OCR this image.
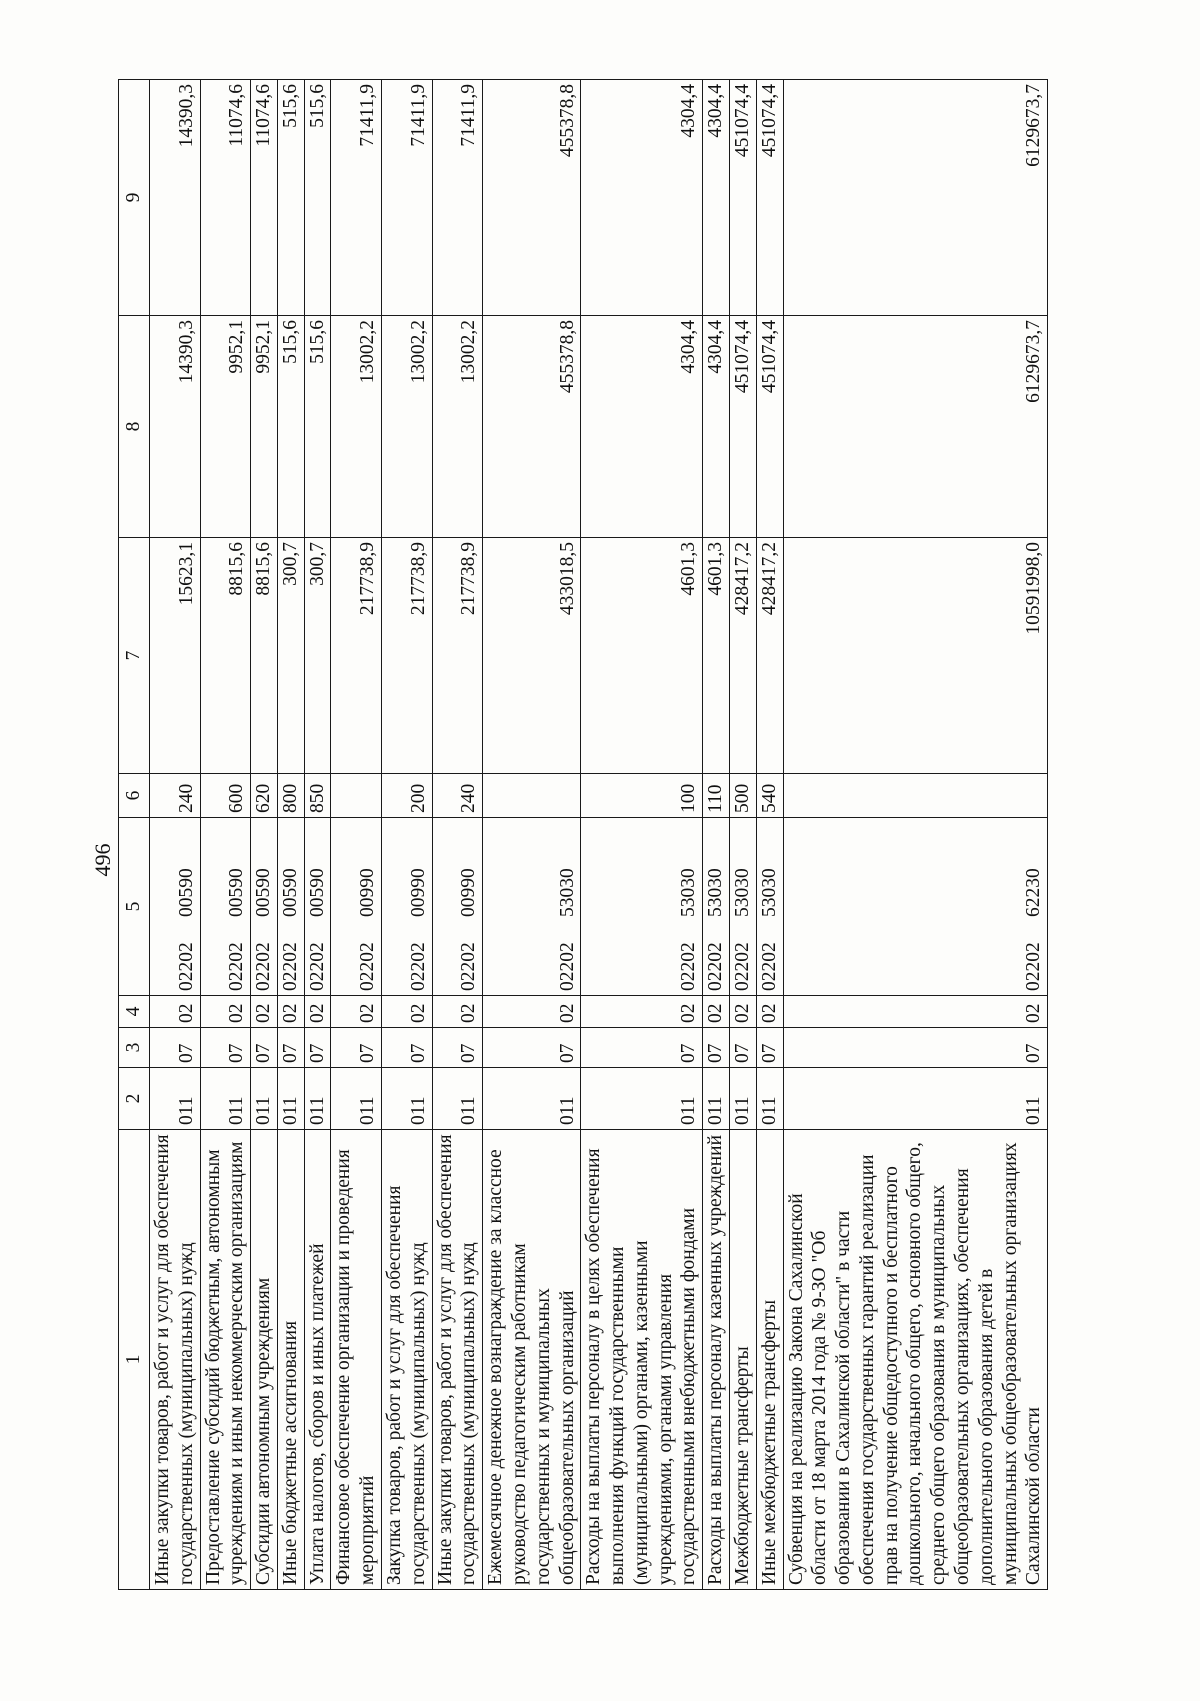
496
1	2	3	4	5	6	7	8	9
Иные закупки товаров, работ и услуг для обеспечения государственных (муниципальных) нужд	011	07	02	0220200590	240	15623,1	14390,3	14390,3
Предоставление субсидий бюджетным, автономным учреждениям и иным некоммерческим организациям	011	07	02	0220200590	600	8815,6	9952,1	11074,6
Субсидии автономным учреждениям	011	07	02	0220200590	620	8815,6	9952,1	11074,6
Иные бюджетные ассигнования	011	07	02	0220200590	800	300,7	515,6	515,6
Уплата налогов, сборов и иных платежей	011	07	02	0220200590	850	300,7	515,6	515,6
Финансовое обеспечение организации и проведения мероприятий	011	07	02	0220200990		217738,9	13002,2	71411,9
Закупка товаров, работ и услуг для обеспечения государственных (муниципальных) нужд	011	07	02	0220200990	200	217738,9	13002,2	71411,9
Иные закупки товаров, работ и услуг для обеспечения государственных (муниципальных) нужд	011	07	02	0220200990	240	217738,9	13002,2	71411,9
Ежемесячное денежное вознаграждение за классное руководство педагогическим работникам государственных и муниципальных общеобразовательных организаций	011	07	02	0220253030		433018,5	455378,8	455378,8
Расходы на выплаты персоналу в целях обеспечения выполнения функций государственными (муниципальными) органами, казенными учреждениями, органами управления государственными внебюджетными фондами	011	07	02	0220253030	100	4601,3	4304,4	4304,4
Расходы на выплаты персоналу казенных учреждений	011	07	02	0220253030	110	4601,3	4304,4	4304,4
Межбюджетные трансферты	011	07	02	0220253030	500	428417,2	451074,4	451074,4
Иные межбюджетные трансферты	011	07	02	0220253030	540	428417,2	451074,4	451074,4
Субвенция на реализацию Закона Сахалинской области от 18 марта 2014 года № 9-ЗО "Об образовании в Сахалинской области" в части обеспечения государственных гарантий реализации прав на получение общедоступного и бесплатного дошкольного, начального общего, основного общего, среднего общего образования в муниципальных общеобразовательных организациях, обеспечения дополнительного образования детей в муниципальных общеобразовательных организациях Сахалинской области	011	07	02	0220262230		10591998,0	6129673,7	6129673,7
